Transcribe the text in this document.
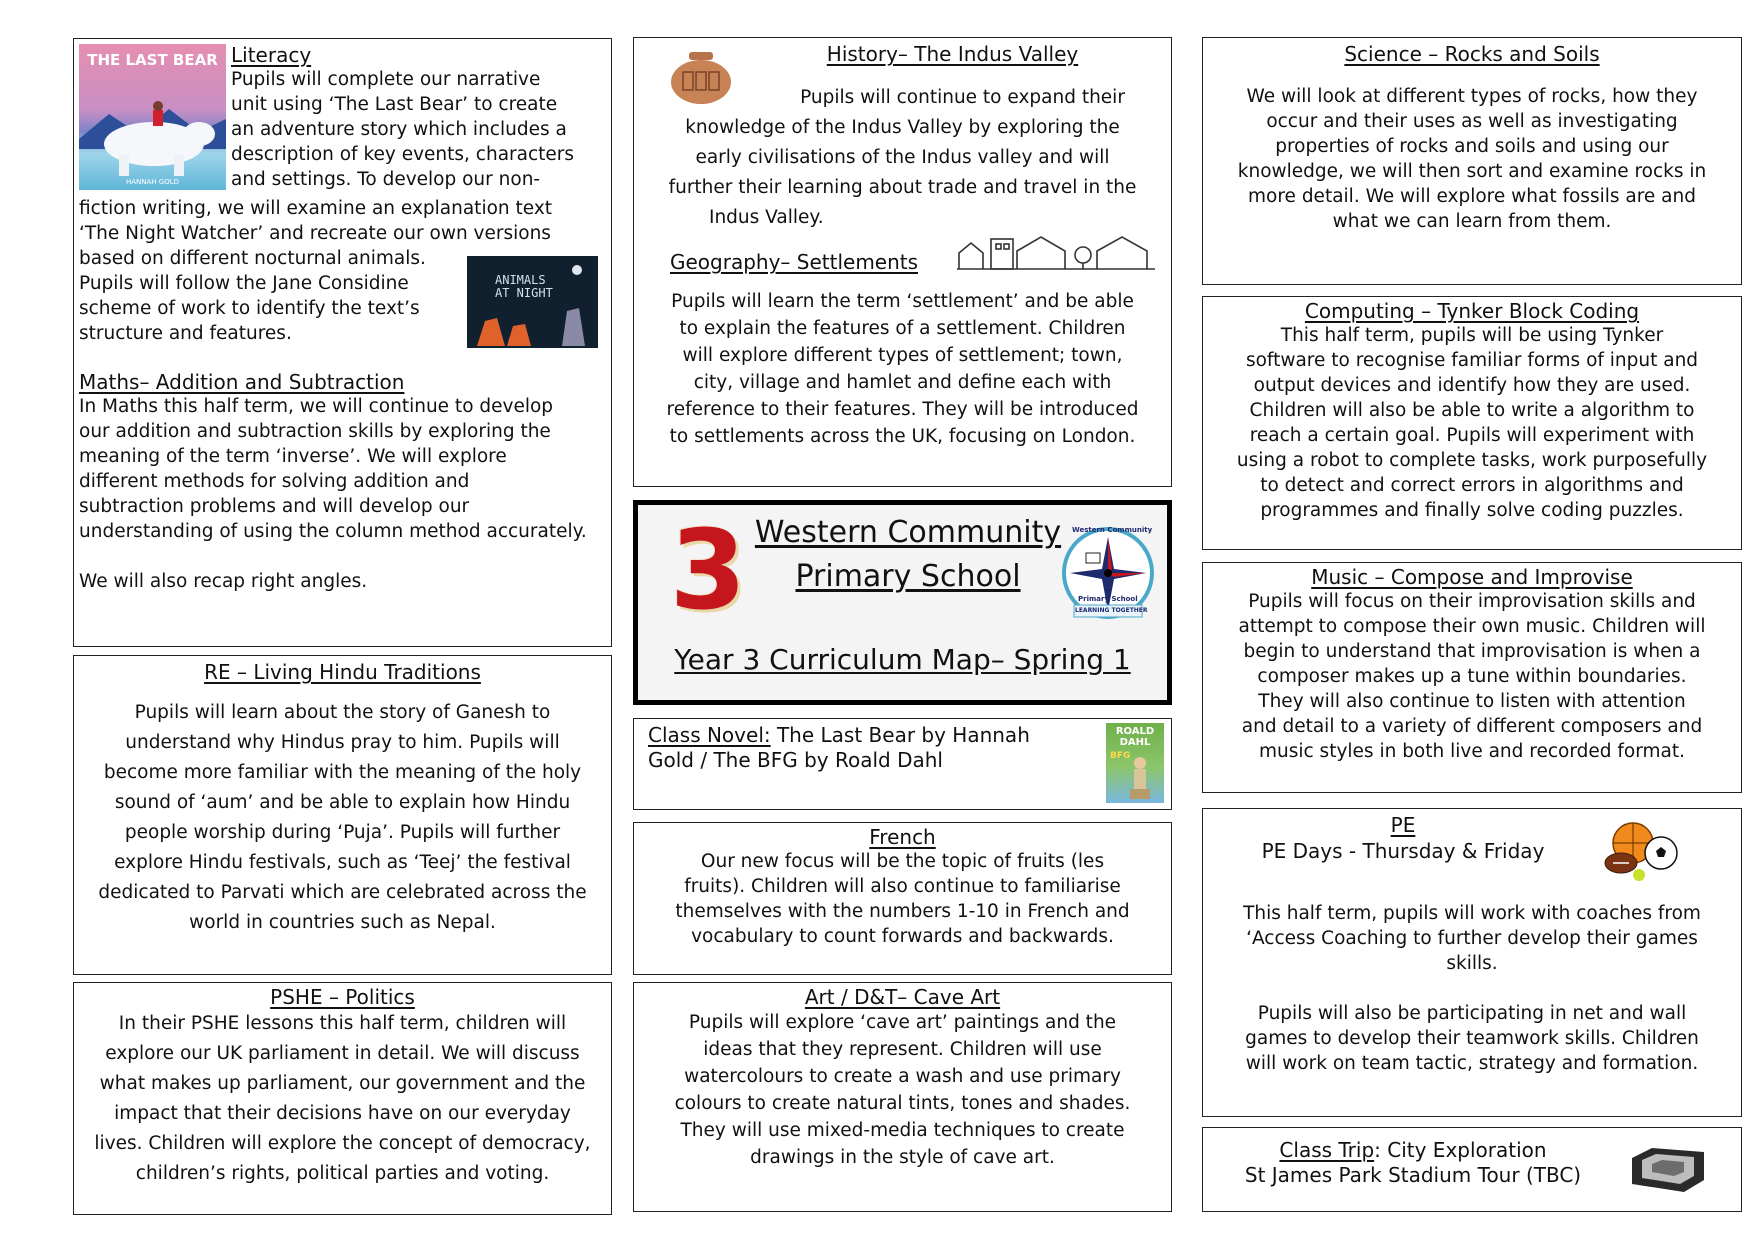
THE LAST BEAR
HANNAH GOLD
Literacy

Pupils will complete our narrative

unit using ‘The Last Bear’ to create

an adventure story which includes a

description of key events, characters

and settings. To develop our non-

fiction writing, we will examine an explanation text

‘The Night Watcher’ and recreate our own versions

based on different nocturnal animals.

Pupils will follow the Jane Considine

scheme of work to identify the text’s

structure and features.

ANIMALS
AT NIGHT
Maths– Addition and Subtraction

In Maths this half term, we will continue to develop

our addition and subtraction skills by exploring the

meaning of the term ‘inverse’. We will explore

different methods for solving addition and

subtraction problems and will develop our

understanding of using the column method accurately.

We will also recap right angles.

RE – Living Hindu Traditions

Pupils will learn about the story of Ganesh to

understand why Hindus pray to him. Pupils will

become more familiar with the meaning of the holy

sound of ‘aum’ and be able to explain how Hindu

people worship during ‘Puja’. Pupils will further

explore Hindu festivals, such as ‘Teej’ the festival

dedicated to Parvati which are celebrated across the

world in countries such as Nepal.

PSHE – Politics

In their PSHE lessons this half term, children will

explore our UK parliament in detail. We will discuss

what makes up parliament, our government and the

impact that their decisions have on our everyday

lives. Children will explore the concept of democracy,

children’s rights, political parties and voting.

History– The Indus Valley

Pupils will continue to expand their

knowledge of the Indus Valley by exploring the

early civilisations of the Indus valley and will

further their learning about trade and travel in the

Indus Valley.

Geography– Settlements

Pupils will learn the term ‘settlement’ and be able

to explain the features of a settlement. Children

will explore different types of settlement; town,

city, village and hamlet and define each with

reference to their features. They will be introduced

to settlements across the UK, focusing on London.

3 Western Community
Primary School
Western Community
Primary School
LEARNING TOGETHER
Year 3 Curriculum Map– Spring 1

Class Novel: The Last Bear by Hannah

Gold / The BFG by Roald Dahl

ROALD DAHL
BFG
French

Our new focus will be the topic of fruits (les

fruits). Children will also continue to familiarise

themselves with the numbers 1-10 in French and

vocabulary to count forwards and backwards.

Art / D&T– Cave Art

Pupils will explore ‘cave art’ paintings and the

ideas that they represent. Children will use

watercolours to create a wash and use primary

colours to create natural tints, tones and shades.

They will use mixed-media techniques to create

drawings in the style of cave art.

Science – Rocks and Soils

We will look at different types of rocks, how they

occur and their uses as well as investigating

properties of rocks and soils and using our

knowledge, we will then sort and examine rocks in

more detail. We will explore what fossils are and

what we can learn from them.

Computing – Tynker Block Coding

This half term, pupils will be using Tynker

software to recognise familiar forms of input and

output devices and identify how they are used.

Children will also be able to write a algorithm to

reach a certain goal. Pupils will experiment with

using a robot to complete tasks, work purposefully

to detect and correct errors in algorithms and

programmes and finally solve coding puzzles.

Music – Compose and Improvise

Pupils will focus on their improvisation skills and

attempt to compose their own music. Children will

begin to understand that improvisation is when a

composer makes up a tune within boundaries.

They will also continue to listen with attention

and detail to a variety of different composers and

music styles in both live and recorded format.

PE

PE Days - Thursday & Friday

This half term, pupils will work with coaches from

‘Access Coaching to further develop their games

skills.

Pupils will also be participating in net and wall

games to develop their teamwork skills. Children

will work on team tactic, strategy and formation.

Class Trip: City Exploration

St James Park Stadium Tour (TBC)
